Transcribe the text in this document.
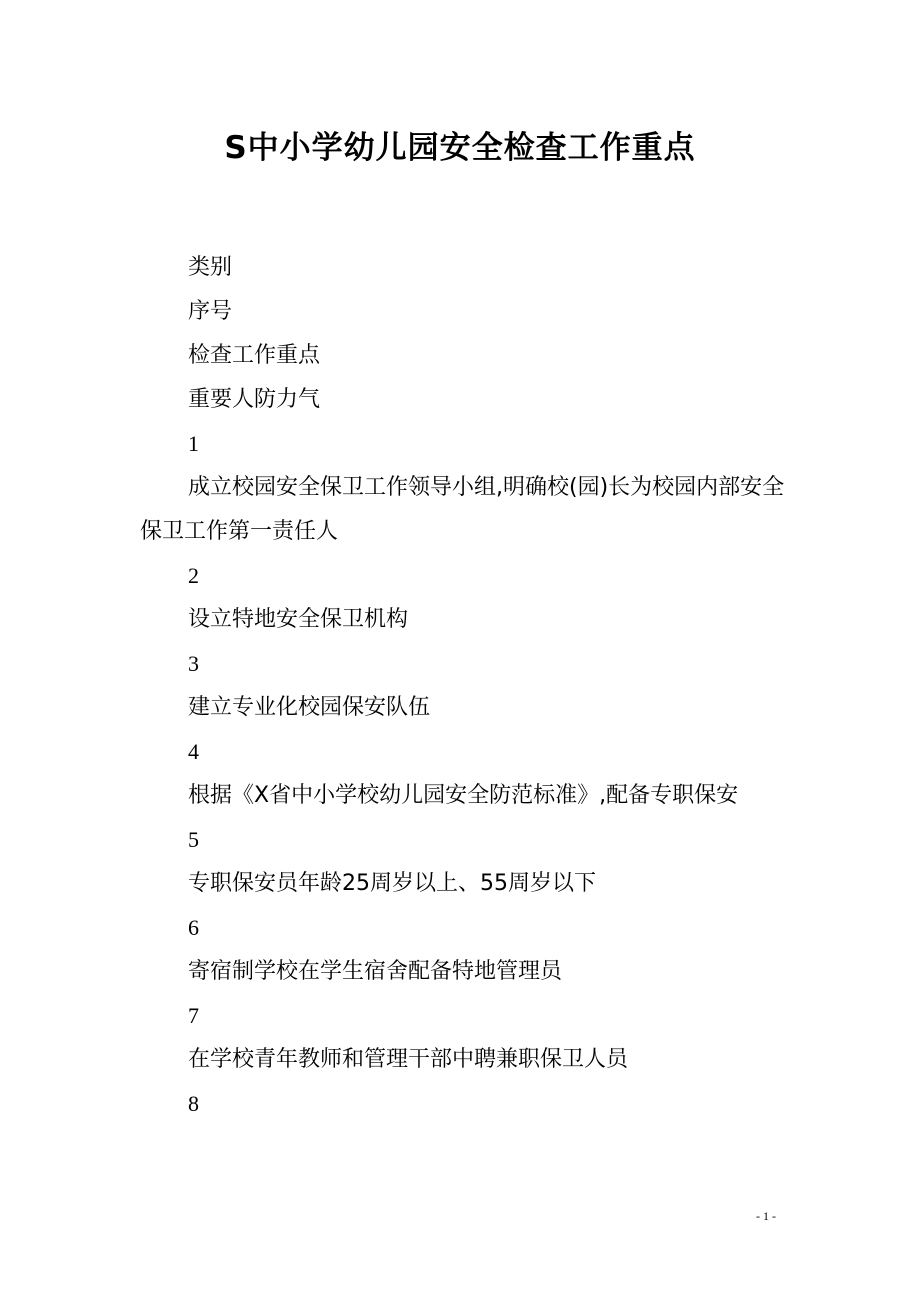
S中小学幼儿园安全检查工作重点

类别

序号

检查工作重点

重要人防力气

1

成立校园安全保卫工作领导小组,明确校(园)长为校园内部安全保卫工作第一责任人

2

设立特地安全保卫机构

3

建立专业化校园保安队伍

4

根据《X省中小学校幼儿园安全防范标准》,配备专职保安

5

专职保安员年龄25周岁以上、55周岁以下

6

寄宿制学校在学生宿舍配备特地管理员

7

在学校青年教师和管理干部中聘兼职保卫人员

8

- 1 -
